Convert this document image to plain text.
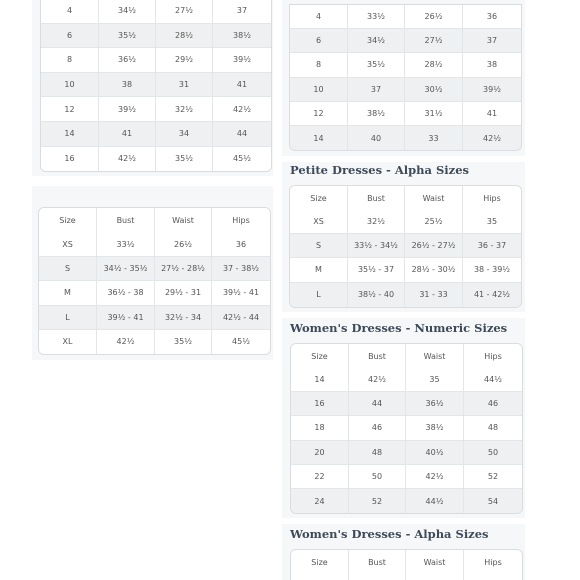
4	34½	27½	37
6	35½	28½	38½
8	36½	29½	39½
10	38	31	41
12	39½	32½	42½
14	41	34	44
16	42½	35½	45½
Size	Bust	Waist	Hips
XS	33½	26½	36
S	34½ - 35½	27½ - 28½	37 - 38½
M	36½ - 38	29½ - 31	39½ - 41
L	39½ - 41	32½ - 34	42½ - 44
XL	42½	35½	45½
4	33½	26½	36
6	34½	27½	37
8	35½	28½	38
10	37	30½	39½
12	38½	31½	41
14	40	33	42½
Petite Dresses - Alpha Sizes
Size	Bust	Waist	Hips
XS	32½	25½	35
S	33½ - 34½	26½ - 27½	36 - 37
M	35½ - 37	28½ - 30½	38 - 39½
L	38½ - 40	31 - 33	41 - 42½
Women's Dresses - Numeric Sizes
Size	Bust	Waist	Hips
14	42½	35	44½
16	44	36½	46
18	46	38½	48
20	48	40½	50
22	50	42½	52
24	52	44½	54
Women's Dresses - Alpha Sizes
Size	Bust	Waist	Hips
